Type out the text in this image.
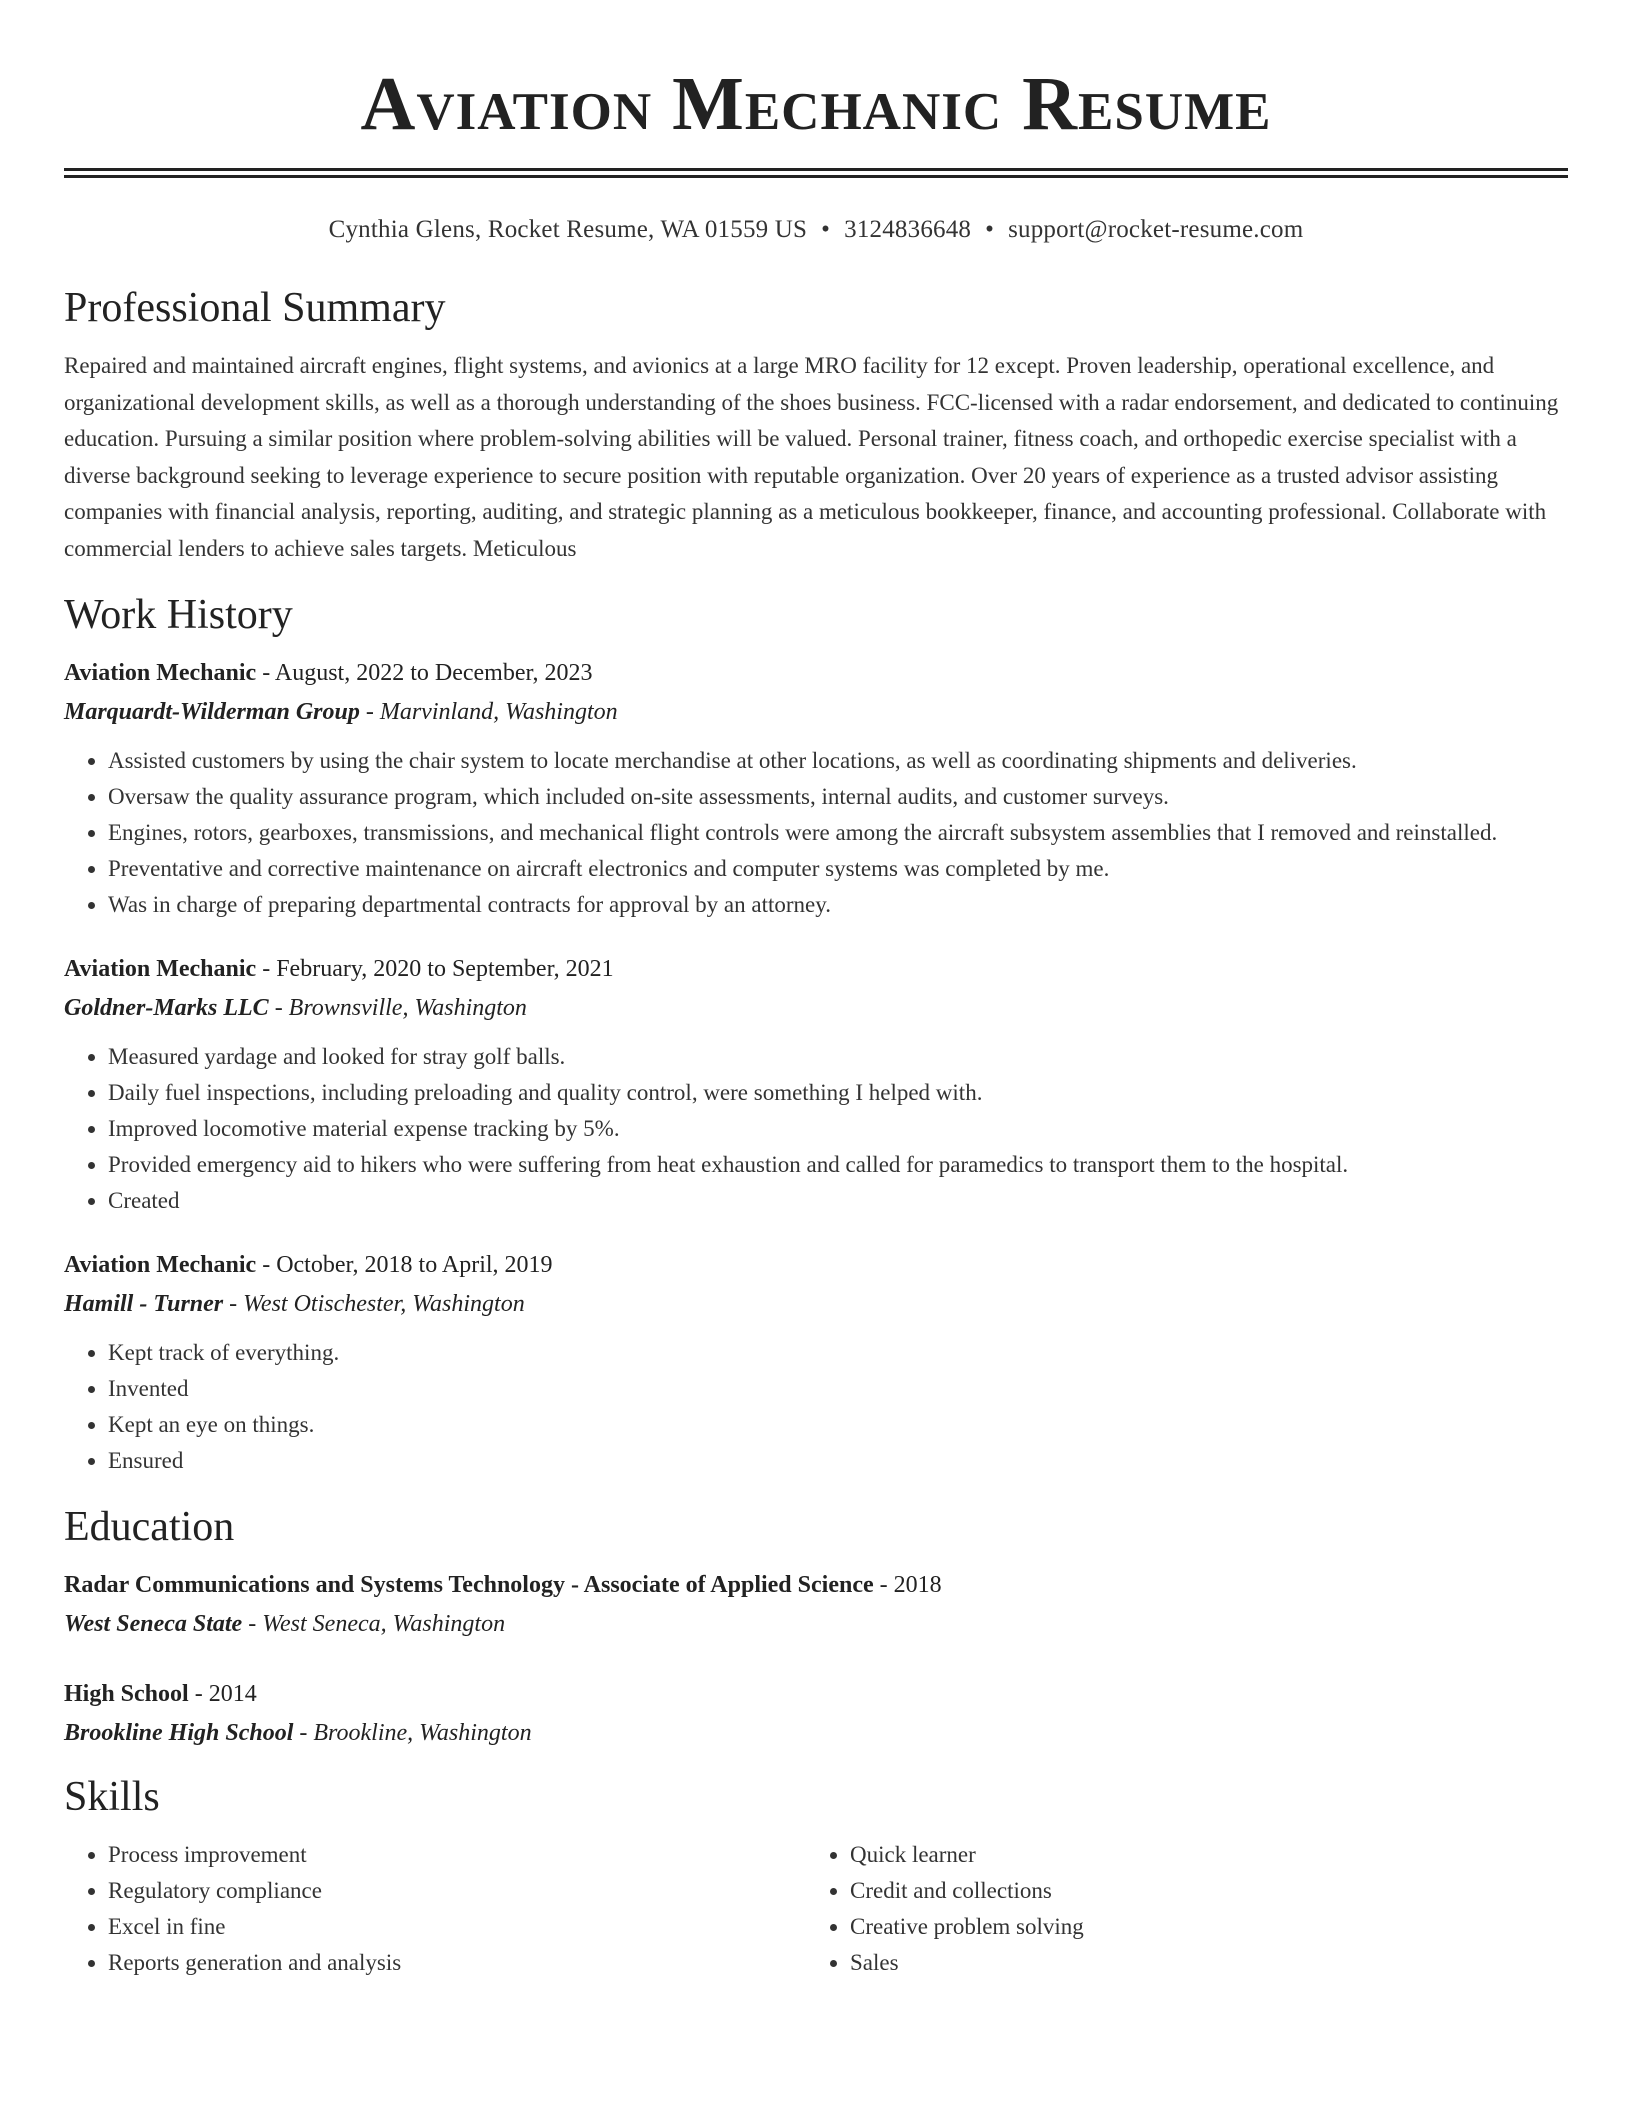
Aviation Mechanic Resume
Cynthia Glens, Rocket Resume, WA 01559 US • 3124836648 • support@rocket-resume.com
Professional Summary

Repaired and maintained aircraft engines, flight systems, and avionics at a large MRO facility for 12 except. Proven leadership, operational excellence, and organizational development skills, as well as a thorough understanding of the shoes business. FCC-licensed with a radar endorsement, and dedicated to continuing education. Pursuing a similar position where problem-solving abilities will be valued. Personal trainer, fitness coach, and orthopedic exercise specialist with a diverse background seeking to leverage experience to secure position with reputable organization. Over 20 years of experience as a trusted advisor assisting companies with financial analysis, reporting, auditing, and strategic planning as a meticulous bookkeeper, finance, and accounting professional. Collaborate with commercial lenders to achieve sales targets. Meticulous

Work History
Aviation Mechanic - August, 2022 to December, 2023
Marquardt-Wilderman Group - Marvinland, Washington
• Assisted customers by using the chair system to locate merchandise at other locations, as well as coordinating shipments and deliveries.
• Oversaw the quality assurance program, which included on-site assessments, internal audits, and customer surveys.
• Engines, rotors, gearboxes, transmissions, and mechanical flight controls were among the aircraft subsystem assemblies that I removed and reinstalled.
• Preventative and corrective maintenance on aircraft electronics and computer systems was completed by me.
• Was in charge of preparing departmental contracts for approval by an attorney.
Aviation Mechanic - February, 2020 to September, 2021
Goldner-Marks LLC - Brownsville, Washington
• Measured yardage and looked for stray golf balls.
• Daily fuel inspections, including preloading and quality control, were something I helped with.
• Improved locomotive material expense tracking by 5%.
• Provided emergency aid to hikers who were suffering from heat exhaustion and called for paramedics to transport them to the hospital.
• Created
Aviation Mechanic - October, 2018 to April, 2019
Hamill - Turner - West Otischester, Washington
• Kept track of everything.
• Invented
• Kept an eye on things.
• Ensured
Education
Radar Communications and Systems Technology - Associate of Applied Science - 2018
West Seneca State - West Seneca, Washington
High School - 2014
Brookline High School - Brookline, Washington
Skills
• Process improvement
• Regulatory compliance
• Excel in fine
• Reports generation and analysis
• Quick learner
• Credit and collections
• Creative problem solving
• Sales
